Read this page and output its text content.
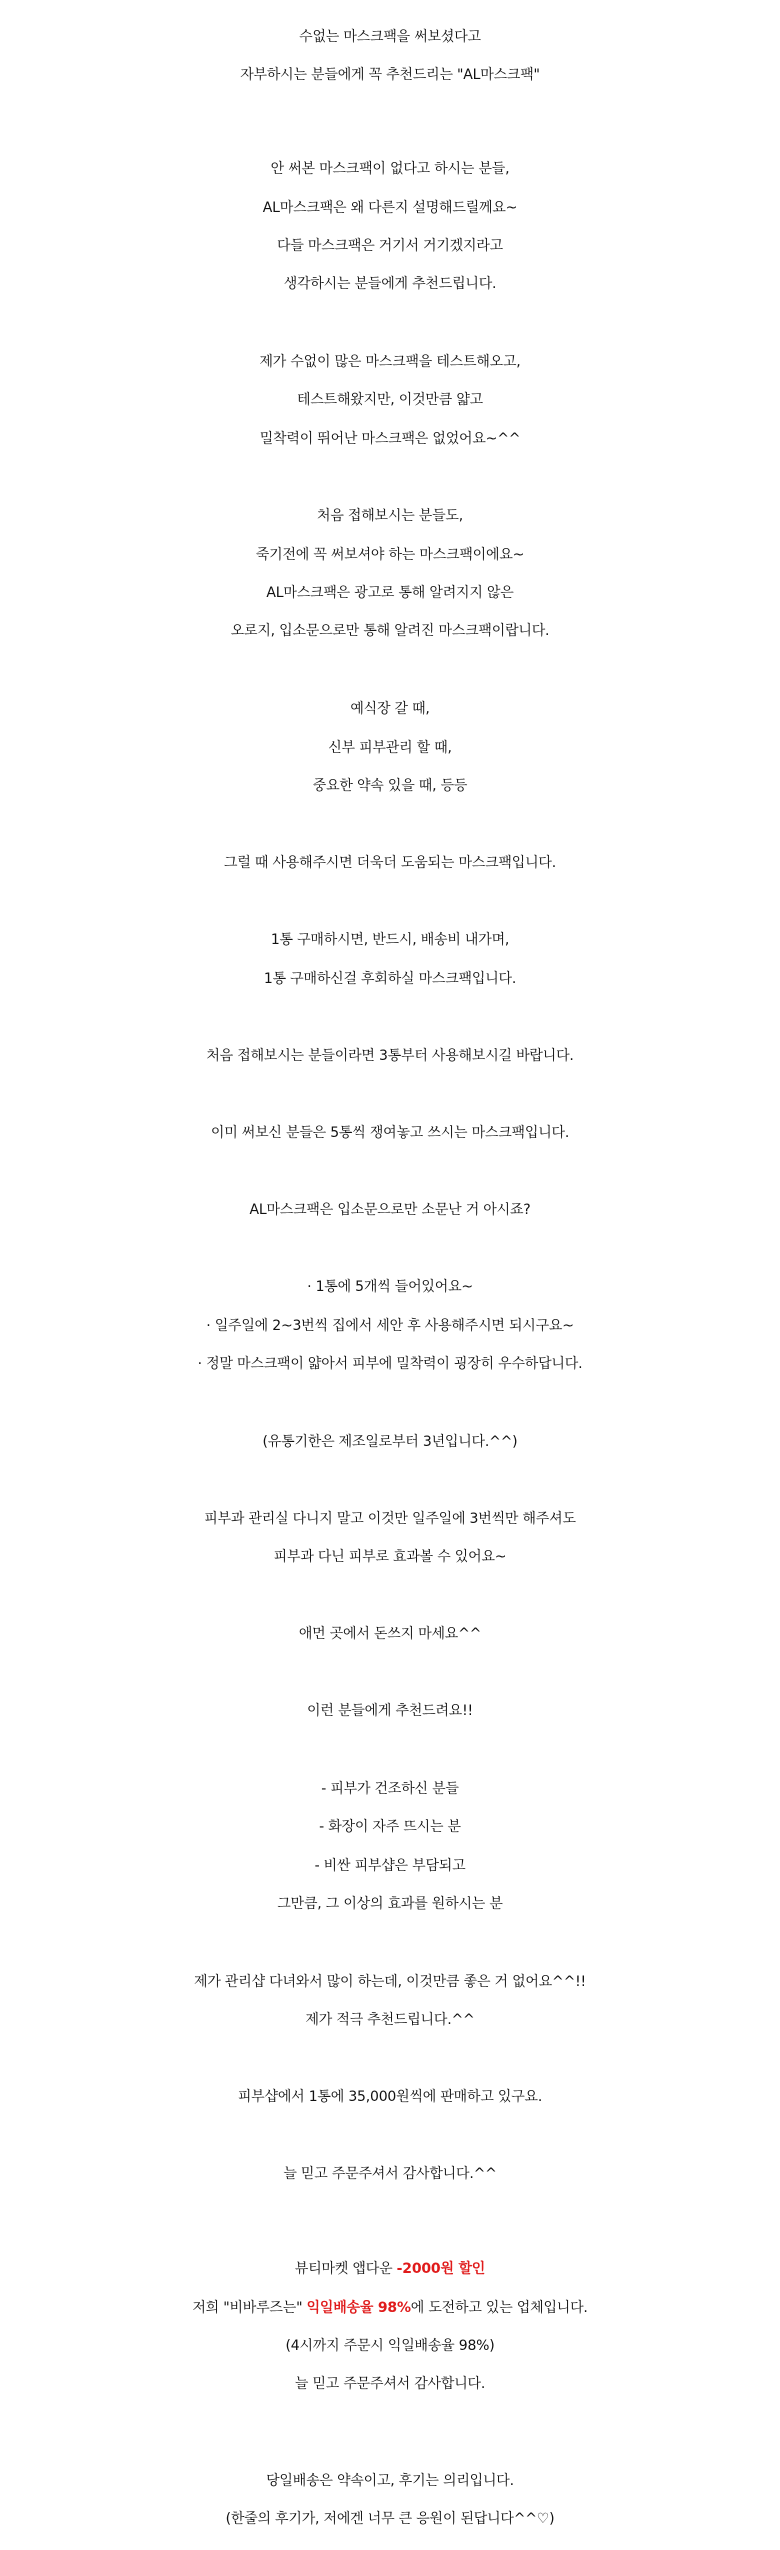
수없는 마스크팩을 써보셨다고
자부하시는 분들에게 꼭 추천드리는 "AL마스크팩"
안 써본 마스크팩이 없다고 하시는 분들,
AL마스크팩은 왜 다른지 설명해드릴께요~
다들 마스크팩은 거기서 거기겠지라고
생각하시는 분들에게 추천드립니다.
제가 수없이 많은 마스크팩을 테스트해오고,
테스트해왔지만, 이것만큼 얇고
밀착력이 뛰어난 마스크팩은 없었어요~^^
처음 접해보시는 분들도,
죽기전에 꼭 써보셔야 하는 마스크팩이에요~
AL마스크팩은 광고로 통해 알려지지 않은
오로지, 입소문으로만 통해 알려진 마스크팩이랍니다.
예식장 갈 때,
신부 피부관리 할 때,
중요한 약속 있을 때, 등등
그럴 때 사용해주시면 더욱더 도움되는 마스크팩입니다.
1통 구매하시면, 반드시, 배송비 내가며,
1통 구매하신걸 후회하실 마스크팩입니다.
처음 접해보시는 분들이라면 3통부터 사용해보시길 바랍니다.
이미 써보신 분들은 5통씩 쟁여놓고 쓰시는 마스크팩입니다.
AL마스크팩은 입소문으로만 소문난 거 아시죠?
· 1통에 5개씩 들어있어요~
· 일주일에 2~3번씩 집에서 세안 후 사용해주시면 되시구요~
· 정말 마스크팩이 얇아서 피부에 밀착력이 굉장히 우수하답니다.
(유통기한은 제조일로부터 3년입니다.^^)
피부과 관리실 다니지 말고 이것만 일주일에 3번씩만 해주셔도
피부과 다닌 피부로 효과볼 수 있어요~
애먼 곳에서 돈쓰지 마세요^^
이런 분들에게 추천드려요!!
- 피부가 건조하신 분들
- 화장이 자주 뜨시는 분
- 비싼 피부샵은 부담되고
그만큼, 그 이상의 효과를 원하시는 분
제가 관리샵 다녀와서 많이 하는데, 이것만큼 좋은 거 없어요^^!!
제가 적극 추천드립니다.^^
피부샵에서 1통에 35,000원씩에 판매하고 있구요.
늘 믿고 주문주셔서 감사합니다.^^
뷰티마켓 앱다운 -2000원 할인
저희 "비바루즈는" 익일배송율 98%에 도전하고 있는 업체입니다.
(4시까지 주문시 익일배송율 98%)
늘 믿고 주문주셔서 감사합니다.
당일배송은 약속이고, 후기는 의리입니다.
(한줄의 후기가, 저에겐 너무 큰 응원이 된답니다^^♡)
